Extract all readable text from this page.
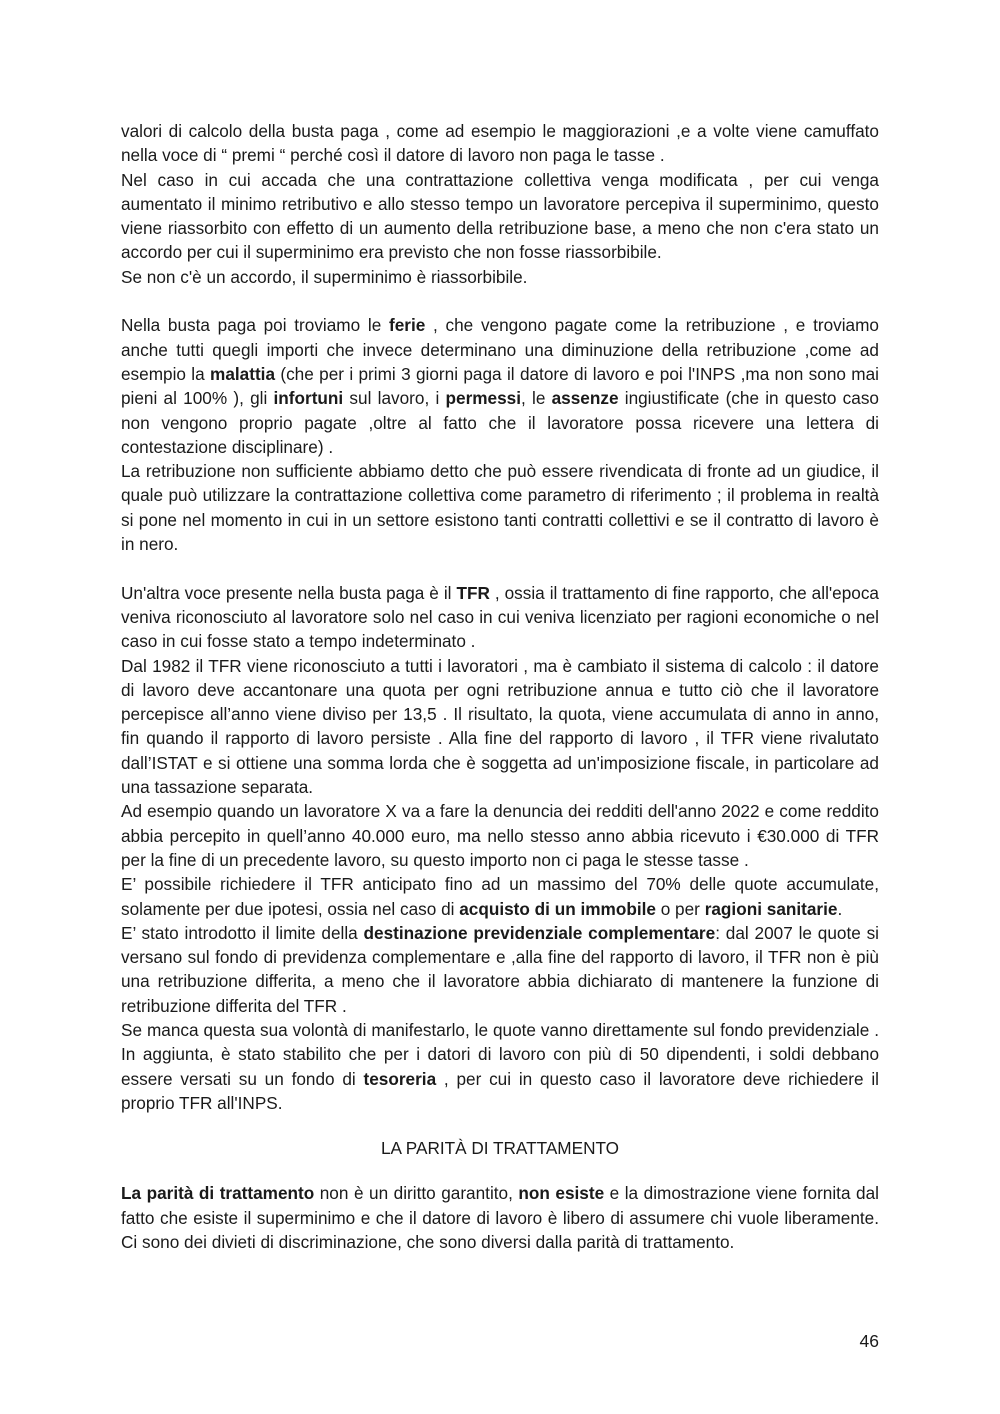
valori di calcolo della busta paga , come ad esempio le maggiorazioni ,e a volte viene camuffato nella voce di “ premi “ perché così il datore di lavoro non paga le tasse .

Nel caso in cui accada che una contrattazione collettiva venga modificata , per cui venga aumentato il minimo retributivo e allo stesso tempo un lavoratore percepiva il superminimo, questo viene riassorbito con effetto di un aumento della retribuzione base, a meno che non c'era stato un accordo per cui il superminimo era previsto che non fosse riassorbibile.

Se non c'è un accordo, il superminimo è riassorbibile.

Nella busta paga poi troviamo le ferie , che vengono pagate come la retribuzione , e troviamo anche tutti quegli importi che invece determinano una diminuzione della retribuzione ,come ad esempio la malattia (che per i primi 3 giorni paga il datore di lavoro e poi l'INPS ,ma non sono mai pieni al 100% ), gli infortuni sul lavoro, i permessi, le assenze ingiustificate (che in questo caso non vengono proprio pagate ,oltre al fatto che il lavoratore possa ricevere una lettera di contestazione disciplinare) .

La retribuzione non sufficiente abbiamo detto che può essere rivendicata di fronte ad un giudice, il quale può utilizzare la contrattazione collettiva come parametro di riferimento ; il problema in realtà si pone nel momento in cui in un settore esistono tanti contratti collettivi e se il contratto di lavoro è in nero.

Un'altra voce presente nella busta paga è il TFR , ossia il trattamento di fine rapporto, che all'epoca veniva riconosciuto al lavoratore solo nel caso in cui veniva licenziato per ragioni economiche o nel caso in cui fosse stato a tempo indeterminato .

Dal 1982 il TFR viene riconosciuto a tutti i lavoratori , ma è cambiato il sistema di calcolo : il datore di lavoro deve accantonare una quota per ogni retribuzione annua e tutto ciò che il lavoratore percepisce all’anno viene diviso per 13,5 . Il risultato, la quota, viene accumulata di anno in anno, fin quando il rapporto di lavoro persiste . Alla fine del rapporto di lavoro , il TFR viene rivalutato dall’ISTAT e si ottiene una somma lorda che è soggetta ad un'imposizione fiscale, in particolare ad una tassazione separata.

Ad esempio quando un lavoratore X va a fare la denuncia dei redditi dell'anno 2022 e come reddito abbia percepito in quell’anno 40.000 euro, ma nello stesso anno abbia ricevuto i €30.000 di TFR per la fine di un precedente lavoro, su questo importo non ci paga le stesse tasse .

E’ possibile richiedere il TFR anticipato fino ad un massimo del 70% delle quote accumulate, solamente per due ipotesi, ossia nel caso di acquisto di un immobile o per ragioni sanitarie.

E’ stato introdotto il limite della destinazione previdenziale complementare: dal 2007 le quote si versano sul fondo di previdenza complementare e ,alla fine del rapporto di lavoro, il TFR non è più una retribuzione differita, a meno che il lavoratore abbia dichiarato di mantenere la funzione di retribuzione differita del TFR .

Se manca questa sua volontà di manifestarlo, le quote vanno direttamente sul fondo previdenziale . In aggiunta, è stato stabilito che per i datori di lavoro con più di 50 dipendenti, i soldi debbano essere versati su un fondo di tesoreria , per cui in questo caso il lavoratore deve richiedere il proprio TFR all'INPS.

LA PARITÀ DI TRATTAMENTO

La parità di trattamento non è un diritto garantito, non esiste e la dimostrazione viene fornita dal fatto che esiste il superminimo e che il datore di lavoro è libero di assumere chi vuole liberamente. Ci sono dei divieti di discriminazione, che sono diversi dalla parità di trattamento.

46
